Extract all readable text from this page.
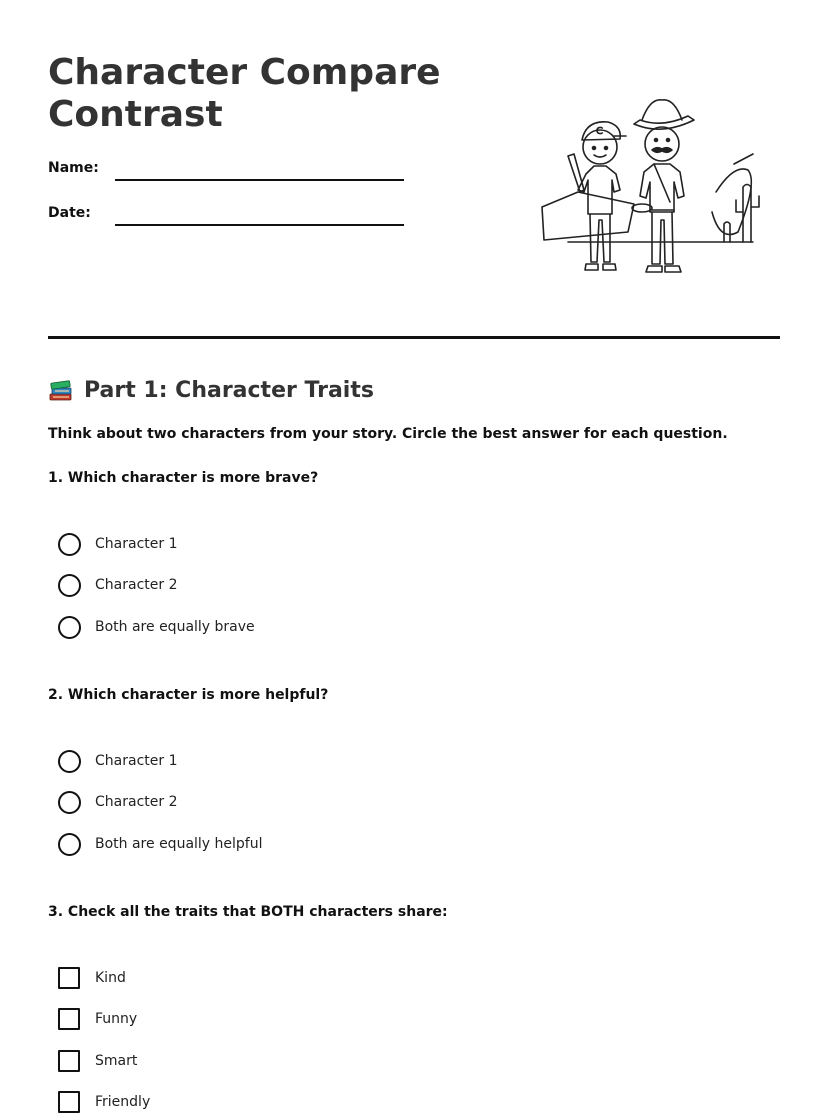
Character Compare Contrast
Name:
Date:
C
Part 1: Character Traits
Think about two characters from your story. Circle the best answer for each question.
1. Which character is more brave?
Character 1
Character 2
Both are equally brave
2. Which character is more helpful?
Character 1
Character 2
Both are equally helpful
3. Check all the traits that BOTH characters share:
Kind
Funny
Smart
Friendly
